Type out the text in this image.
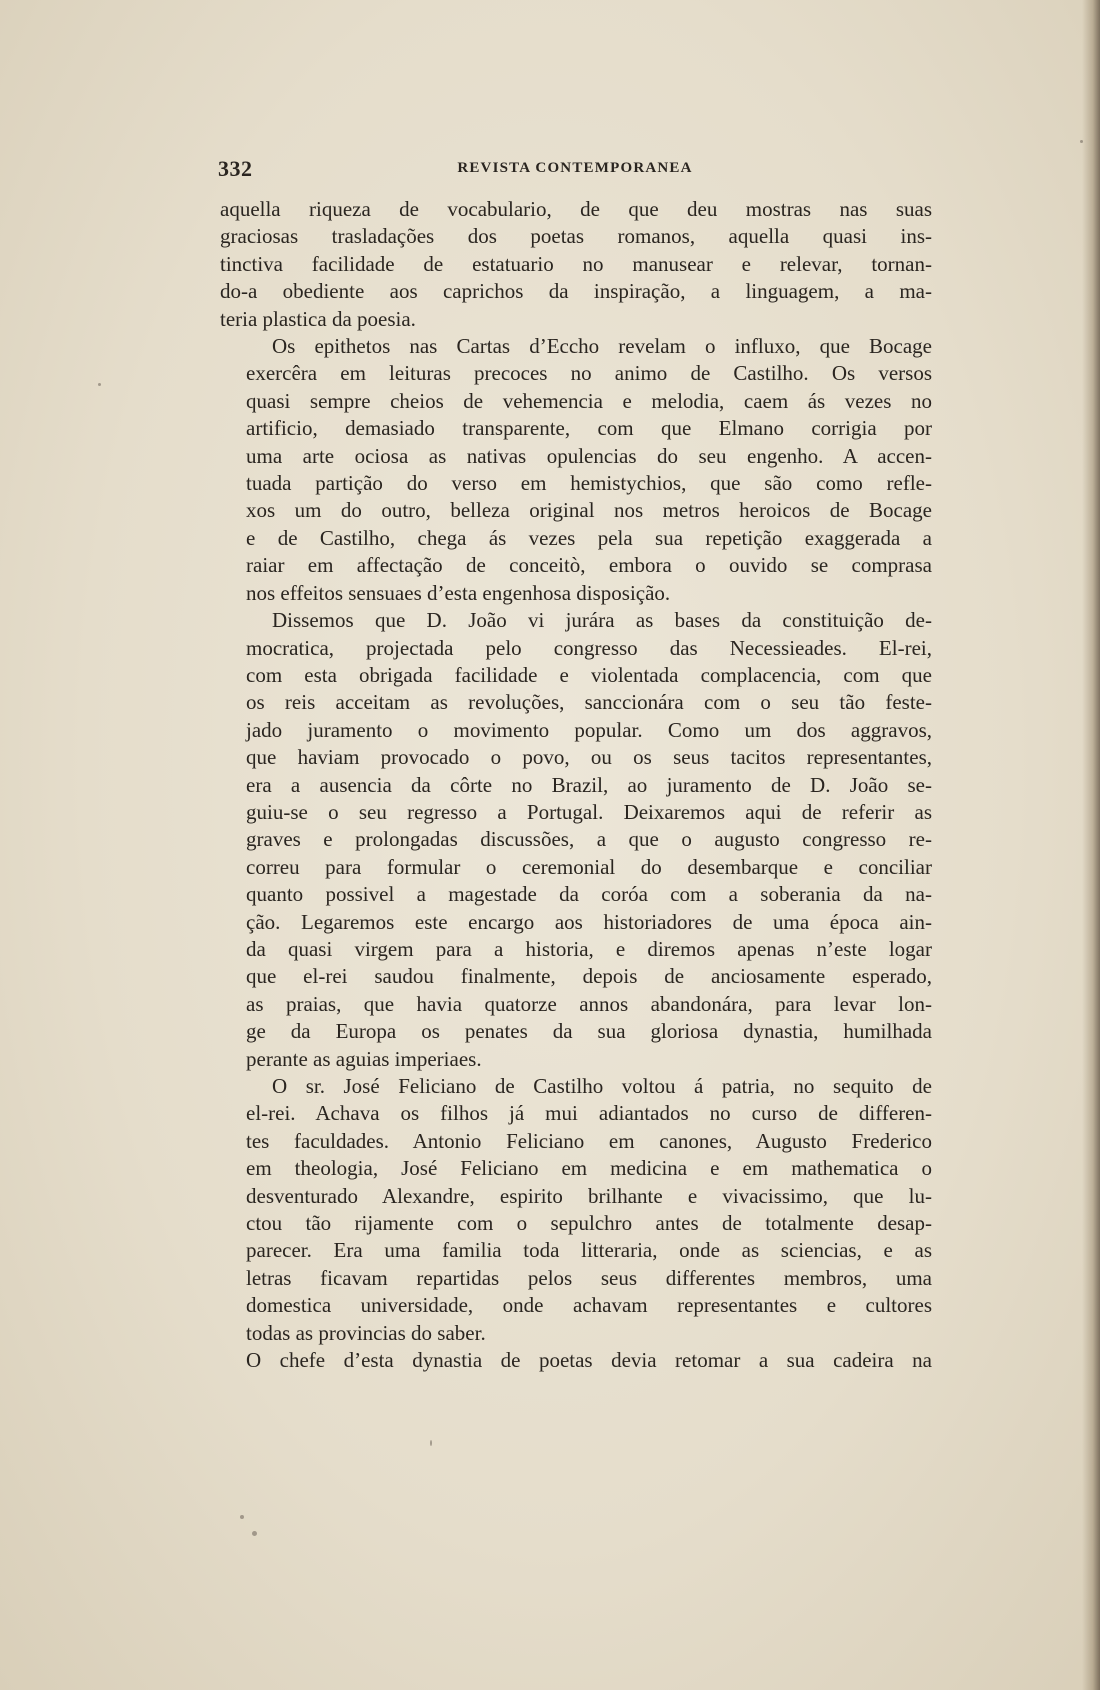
332	REVISTA CONTEMPORANEA

aquella riqueza de vocabulario, de que deu mostras nas suas
graciosas trasladações dos poetas romanos, aquella quasi ins-
tinctiva facilidade de estatuario no manusear e relevar, tornan-
do-a obediente aos caprichos da inspiração, a linguagem, a ma-
teria plastica da poesia.

Os epithetos nas Cartas d’Eccho revelam o influxo, que Bocage
exercêra em leituras precoces no animo de Castilho. Os versos
quasi sempre cheios de vehemencia e melodia, caem ás vezes no
artificio, demasiado transparente, com que Elmano corrigia por
uma arte ociosa as nativas opulencias do seu engenho. A accen-
tuada partição do verso em hemistychios, que são como refle-
xos um do outro, belleza original nos metros heroicos de Bocage
e de Castilho, chega ás vezes pela sua repetição exaggerada a
raiar em affectação de conceitò, embora o ouvido se comprasa
nos effeitos sensuaes d’esta engenhosa disposição.

Dissemos que D. João vi jurára as bases da constituição de-
mocratica, projectada pelo congresso das Necessieades. El-rei,
com esta obrigada facilidade e violentada complacencia, com que
os reis acceitam as revoluções, sanccionára com o seu tão feste-
jado juramento o movimento popular. Como um dos aggravos,
que haviam provocado o povo, ou os seus tacitos representantes,
era a ausencia da côrte no Brazil, ao juramento de D. João se-
guiu-se o seu regresso a Portugal. Deixaremos aqui de referir as
graves e prolongadas discussões, a que o augusto congresso re-
correu para formular o ceremonial do desembarque e conciliar
quanto possivel a magestade da coróa com a soberania da na-
ção. Legaremos este encargo aos historiadores de uma época ain-
da quasi virgem para a historia, e diremos apenas n’este logar
que el-rei saudou finalmente, depois de anciosamente esperado,
as praias, que havia quatorze annos abandonára, para levar lon-
ge da Europa os penates da sua gloriosa dynastia, humilhada
perante as aguias imperiaes.

O sr. José Feliciano de Castilho voltou á patria, no sequito de
el-rei. Achava os filhos já mui adiantados no curso de differen-
tes faculdades. Antonio Feliciano em canones, Augusto Frederico
em theologia, José Feliciano em medicina e em mathematica o
desventurado Alexandre, espirito brilhante e vivacissimo, que lu-
ctou tão rijamente com o sepulchro antes de totalmente desap-
parecer. Era uma familia toda litteraria, onde as sciencias, e as
letras ficavam repartidas pelos seus differentes membros, uma
domestica universidade, onde achavam representantes e cultores
todas as provincias do saber.

O chefe d’esta dynastia de poetas devia retomar a sua cadeira na
